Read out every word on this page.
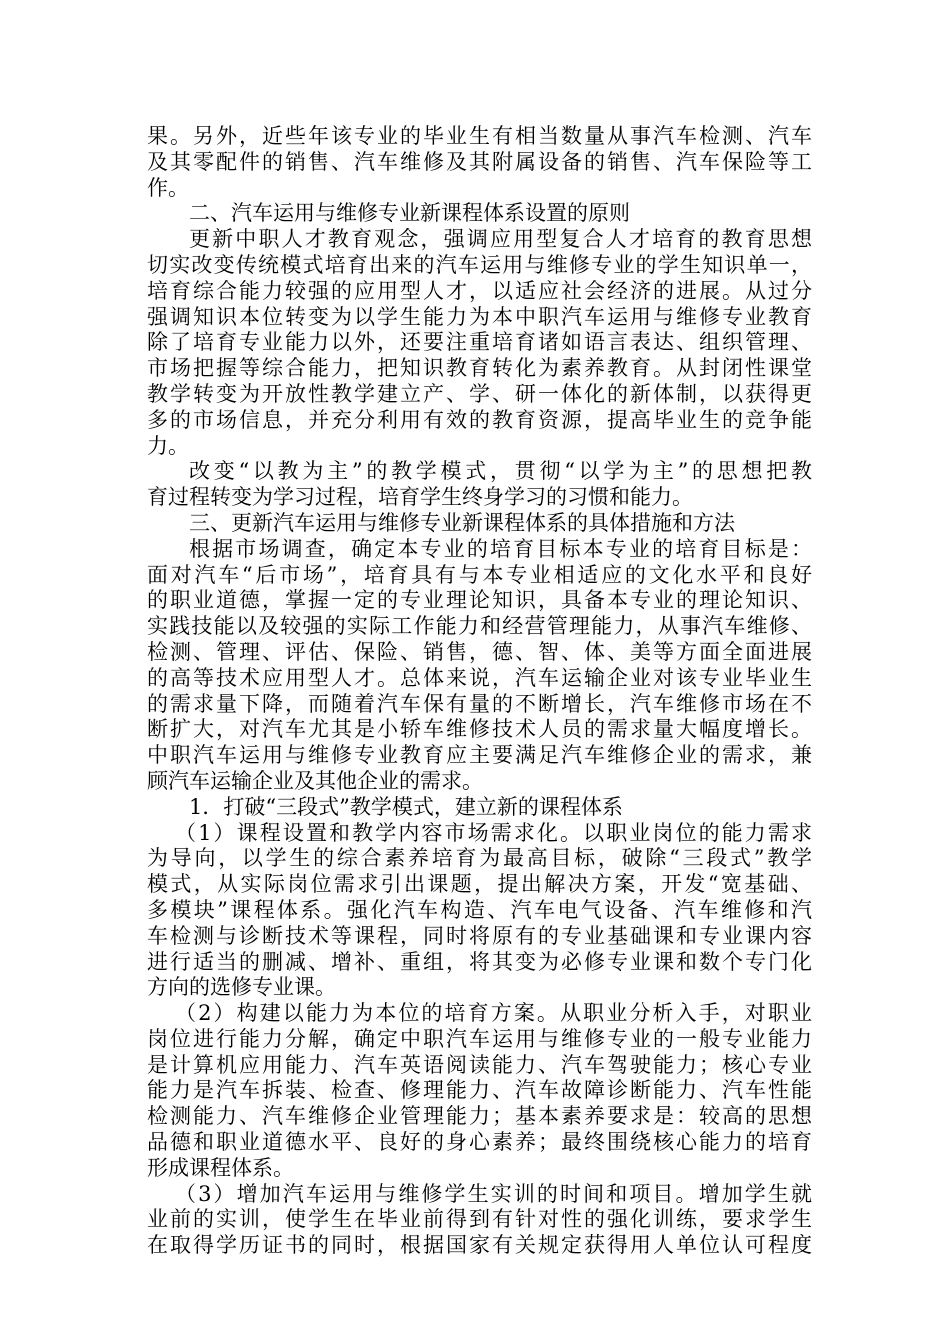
果。另外，近些年该专业的毕业生有相当数量从事汽车检测、汽车
及其零配件的销售、汽车维修及其附属设备的销售、汽车保险等工
作。
二、汽车运用与维修专业新课程体系设置的原则
更新中职人才教育观念，强调应用型复合人才培育的教育思想
切实改变传统模式培育出来的汽车运用与维修专业的学生知识单一，
培育综合能力较强的应用型人才，以适应社会经济的进展。从过分
强调知识本位转变为以学生能力为本中职汽车运用与维修专业教育
除了培育专业能力以外，还要注重培育诸如语言表达、组织管理、
市场把握等综合能力，把知识教育转化为素养教育。从封闭性课堂
教学转变为开放性教学建立产、学、研一体化的新体制，以获得更
多的市场信息，并充分利用有效的教育资源，提高毕业生的竞争能
力。
改变“以教为主”的教学模式，贯彻“以学为主”的思想把教
育过程转变为学习过程，培育学生终身学习的习惯和能力。
三、更新汽车运用与维修专业新课程体系的具体措施和方法
根据市场调查，确定本专业的培育目标本专业的培育目标是：
面对汽车“后市场”，培育具有与本专业相适应的文化水平和良好
的职业道德，掌握一定的专业理论知识，具备本专业的理论知识、
实践技能以及较强的实际工作能力和经营管理能力，从事汽车维修、
检测、管理、评估、保险、销售，德、智、体、美等方面全面进展
的高等技术应用型人才。总体来说，汽车运输企业对该专业毕业生
的需求量下降，而随着汽车保有量的不断增长，汽车维修市场在不
断扩大，对汽车尤其是小轿车维修技术人员的需求量大幅度增长。
中职汽车运用与维修专业教育应主要满足汽车维修企业的需求，兼
顾汽车运输企业及其他企业的需求。
1．打破“三段式”教学模式，建立新的课程体系
（1）课程设置和教学内容市场需求化。以职业岗位的能力需求
为导向，以学生的综合素养培育为最高目标，破除“三段式”教学
模式，从实际岗位需求引出课题，提出解决方案，开发“宽基础、
多模块”课程体系。强化汽车构造、汽车电气设备、汽车维修和汽
车检测与诊断技术等课程，同时将原有的专业基础课和专业课内容
进行适当的删减、增补、重组，将其变为必修专业课和数个专门化
方向的选修专业课。
（2）构建以能力为本位的培育方案。从职业分析入手，对职业
岗位进行能力分解，确定中职汽车运用与维修专业的一般专业能力
是计算机应用能力、汽车英语阅读能力、汽车驾驶能力；核心专业
能力是汽车拆装、检查、修理能力、汽车故障诊断能力、汽车性能
检测能力、汽车维修企业管理能力；基本素养要求是：较高的思想
品德和职业道德水平、良好的身心素养；最终围绕核心能力的培育
形成课程体系。
（3）增加汽车运用与维修学生实训的时间和项目。增加学生就
业前的实训，使学生在毕业前得到有针对性的强化训练，要求学生
在取得学历证书的同时，根据国家有关规定获得用人单位认可程度
